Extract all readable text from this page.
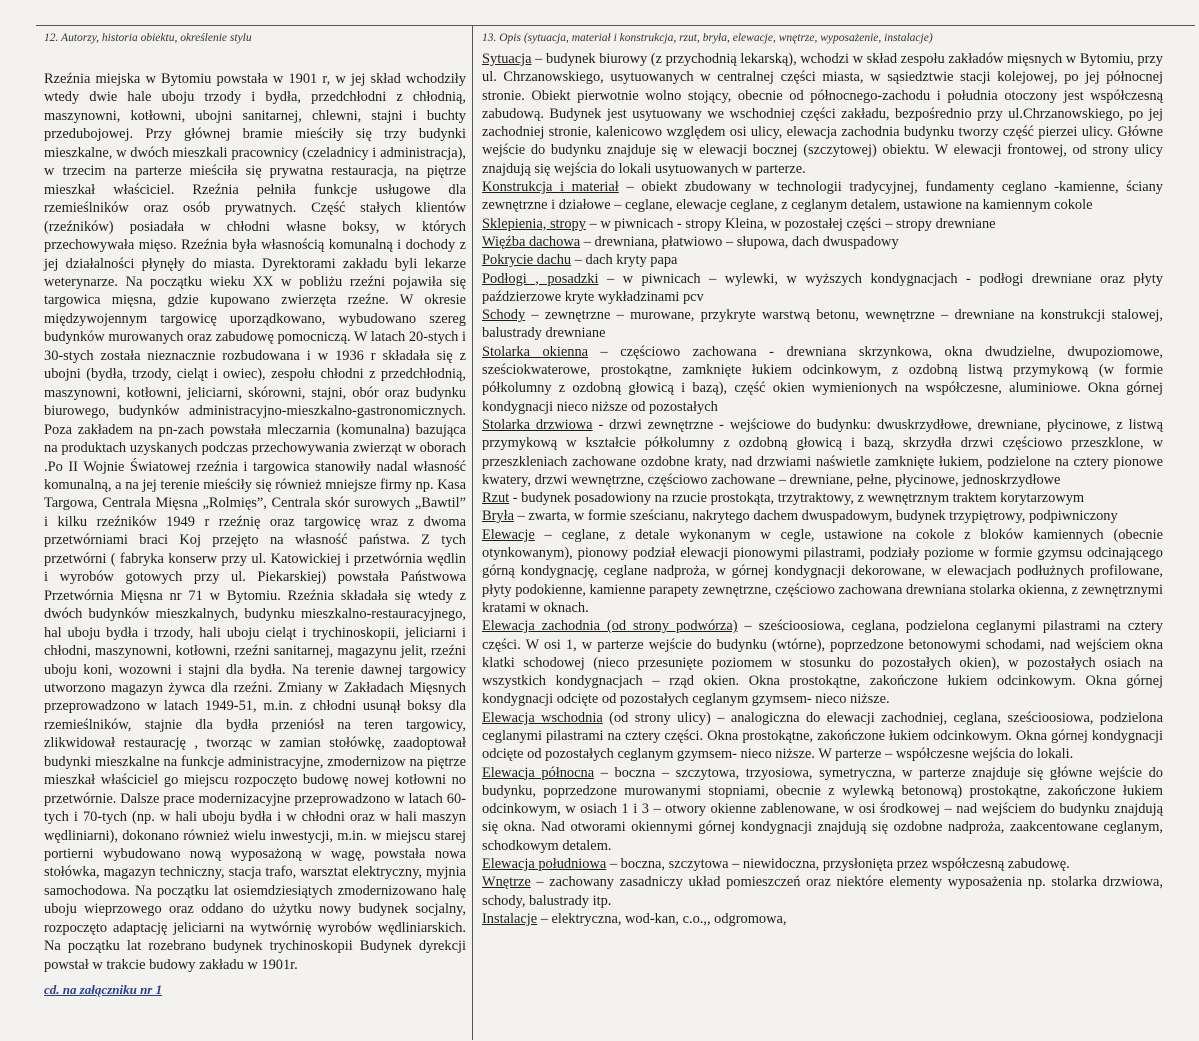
12. Autorzy, historia obiektu, określenie stylu

Rzeźnia miejska w Bytomiu powstała w 1901 r, w jej skład wchodziły wtedy dwie hale uboju trzody i bydła, przedchłodni z chłodnią, maszynowni, kotłowni, ubojni sanitarnej, chlewni, stajni i buchty przedubojowej. Przy głównej bramie mieściły się trzy budynki mieszkalne, w dwóch mieszkali pracownicy (czeladnicy i administracja), w trzecim na parterze mieściła się prywatna restauracja, na piętrze mieszkał właściciel. Rzeźnia pełniła funkcje usługowe dla rzemieślników oraz osób prywatnych. Część stałych klientów (rzeźników) posiadała w chłodni własne boksy, w których przechowywała mięso. Rzeźnia była własnością komunalną i dochody z jej działalności płynęły do miasta. Dyrektorami zakładu byli lekarze weterynarze. Na początku wieku XX w pobliżu rzeźni pojawiła się targowica mięsna, gdzie kupowano zwierzęta rzeźne. W okresie międzywojennym targowicę uporządkowano, wybudowano szereg budynków murowanych oraz zabudowę pomocniczą. W latach 20-stych i 30-stych została nieznacznie rozbudowana i w 1936 r składała się z ubojni (bydła, trzody, cieląt i owiec), zespołu chłodni z przedchłodnią, maszynowni, kotłowni, jeliciarni, skórowni, stajni, obór oraz budynku biurowego, budynków administracyjno-mieszkalno-gastronomicznych. Poza zakładem na pn-zach powstała mleczarnia (komunalna) bazująca na produktach uzyskanych podczas przechowywania zwierząt w oborach .Po II Wojnie Światowej rzeźnia i targowica stanowiły nadal własność komunalną, a na jej terenie mieściły się również mniejsze firmy np. Kasa Targowa, Centrala Mięsna „Rolmięs”, Centrala skór surowych „Bawtil” i kilku rzeźników 1949 r rzeźnię oraz targowicę wraz z dwoma przetwórniami braci Koj przejęto na własność państwa. Z tych przetwórni ( fabryka konserw przy ul. Katowickiej i przetwórnia wędlin i wyrobów gotowych przy ul. Piekarskiej) powstała Państwowa Przetwórnia Mięsna nr 71 w Bytomiu. Rzeźnia składała się wtedy z dwóch budynków mieszkalnych, budynku mieszkalno-restauracyjnego, hal uboju bydła i trzody, hali uboju cieląt i trychinoskopii, jeliciarni i chłodni, maszynowni, kotłowni, rzeźni sanitarnej, magazynu jelit, rzeźni uboju koni, wozowni i stajni dla bydła. Na terenie dawnej targowicy utworzono magazyn żywca dla rzeźni. Zmiany w Zakładach Mięsnych przeprowadzono w latach 1949-51, m.in. z chłodni usunął boksy dla rzemieślników, stajnie dla bydła przeniósł na teren targowicy, zlikwidował restaurację , tworząc w zamian stołówkę, zaadoptował budynki mieszkalne na funkcje administracyjne, zmodernizow na piętrze mieszkał właściciel go miejscu rozpoczęto budowę nowej kotłowni no przetwórnie. Dalsze prace modernizacyjne przeprowadzono w latach 60-tych i 70-tych (np. w hali uboju bydła i w chłodni oraz w hali maszyn wędliniarni), dokonano również wielu inwestycji, m.in. w miejscu starej portierni wybudowano nową wyposażoną w wagę, powstała nowa stołówka, magazyn techniczny, stacja trafo, warsztat elektryczny, myjnia samochodowa. Na początku lat osiemdziesiątych zmodernizowano halę uboju wieprzowego oraz oddano do użytku nowy budynek socjalny, rozpoczęto adaptację jeliciarni na wytwórnię wyrobów wędliniarskich. Na początku lat rozebrano budynek trychinoskopii Budynek dyrekcji powstał w trakcie budowy zakładu w 1901r.
cd. na załączniku nr 1

13. Opis (sytuacja, materiał i konstrukcja, rzut, bryła, elewacje, wnętrze, wyposażenie, instalacje)

Sytuacja – budynek biurowy (z przychodnią lekarską), wchodzi w skład zespołu zakładów mięsnych w Bytomiu, przy ul. Chrzanowskiego, usytuowanych w centralnej części miasta, w sąsiedztwie stacji kolejowej, po jej północnej stronie. Obiekt pierwotnie wolno stojący, obecnie od północnego-zachodu i południa otoczony jest współczesną zabudową. Budynek jest usytuowany we wschodniej części zakładu, bezpośrednio przy ul.Chrzanowskiego, po jej zachodniej stronie, kalenicowo względem osi ulicy, elewacja zachodnia budynku tworzy część pierzei ulicy. Główne wejście do budynku znajduje się w elewacji bocznej (szczytowej) obiektu. W elewacji frontowej, od strony ulicy znajdują się wejścia do lokali usytuowanych w parterze.

Konstrukcja i materiał – obiekt zbudowany w technologii tradycyjnej, fundamenty ceglano -kamienne, ściany zewnętrzne i działowe – ceglane, elewacje ceglane, z ceglanym detalem, ustawione na kamiennym cokole

Sklepienia, stropy – w piwnicach - stropy Kleina, w pozostałej części – stropy drewniane

Więźba dachowa – drewniana, płatwiowo – słupowa, dach dwuspadowy

Pokrycie dachu – dach kryty papa

Podłogi , posadzki – w piwnicach – wylewki, w wyższych kondygnacjach - podłogi drewniane oraz płyty paździerzowe kryte wykładzinami pcv

Schody – zewnętrzne – murowane, przykryte warstwą betonu, wewnętrzne – drewniane na konstrukcji stalowej, balustrady drewniane

Stolarka okienna – częściowo zachowana - drewniana skrzynkowa, okna dwudzielne, dwupoziomowe, sześciokwaterowe, prostokątne, zamknięte łukiem odcinkowym, z ozdobną listwą przymykową (w formie półkolumny z ozdobną głowicą i bazą), część okien wymienionych na współczesne, aluminiowe. Okna górnej kondygnacji nieco niższe od pozostałych

Stolarka drzwiowa - drzwi zewnętrzne - wejściowe do budynku: dwuskrzydłowe, drewniane, płycinowe, z listwą przymykową w kształcie półkolumny z ozdobną głowicą i bazą, skrzydła drzwi częściowo przeszklone, w przeszkleniach zachowane ozdobne kraty, nad drzwiami naświetle zamknięte łukiem, podzielone na cztery pionowe kwatery, drzwi wewnętrzne, częściowo zachowane – drewniane, pełne, płycinowe, jednoskrzydłowe

Rzut - budynek posadowiony na rzucie prostokąta, trzytraktowy, z wewnętrznym traktem korytarzowym

Bryła – zwarta, w formie sześcianu, nakrytego dachem dwuspadowym, budynek trzypiętrowy, podpiwniczony

Elewacje – ceglane, z detale wykonanym w cegle, ustawione na cokole z bloków kamiennych (obecnie otynkowanym), pionowy podział elewacji pionowymi pilastrami, podziały poziome w formie gzymsu odcinającego górną kondygnację, ceglane nadproża, w górnej kondygnacji dekorowane, w elewacjach podłużnych profilowane, płyty podokienne, kamienne parapety zewnętrzne, częściowo zachowana drewniana stolarka okienna, z zewnętrznymi kratami w oknach.

Elewacja zachodnia (od strony podwórza) – sześcioosiowa, ceglana, podzielona ceglanymi pilastrami na cztery części. W osi 1, w parterze wejście do budynku (wtórne), poprzedzone betonowymi schodami, nad wejściem okna klatki schodowej (nieco przesunięte poziomem w stosunku do pozostałych okien), w pozostałych osiach na wszystkich kondygnacjach – rząd okien. Okna prostokątne, zakończone łukiem odcinkowym. Okna górnej kondygnacji odcięte od pozostałych ceglanym gzymsem- nieco niższe.

Elewacja wschodnia (od strony ulicy) – analogiczna do elewacji zachodniej, ceglana, sześcioosiowa, podzielona ceglanymi pilastrami na cztery części. Okna prostokątne, zakończone łukiem odcinkowym. Okna górnej kondygnacji odcięte od pozostałych ceglanym gzymsem- nieco niższe. W parterze – współczesne wejścia do lokali.

Elewacja północna – boczna – szczytowa, trzyosiowa, symetryczna, w parterze znajduje się główne wejście do budynku, poprzedzone murowanymi stopniami, obecnie z wylewką betonową) prostokątne, zakończone łukiem odcinkowym, w osiach 1 i 3 – otwory okienne zablenowane, w osi środkowej – nad wejściem do budynku znajdują się okna. Nad otworami okiennymi górnej kondygnacji znajdują się ozdobne nadproża, zaakcentowane ceglanym, schodkowym detalem.

Elewacja południowa – boczna, szczytowa – niewidoczna, przysłonięta przez współczesną zabudowę.

Wnętrze – zachowany zasadniczy układ pomieszczeń oraz niektóre elementy wyposażenia np. stolarka drzwiowa, schody, balustrady itp.

Instalacje – elektryczna, wod-kan, c.o.,, odgromowa,
